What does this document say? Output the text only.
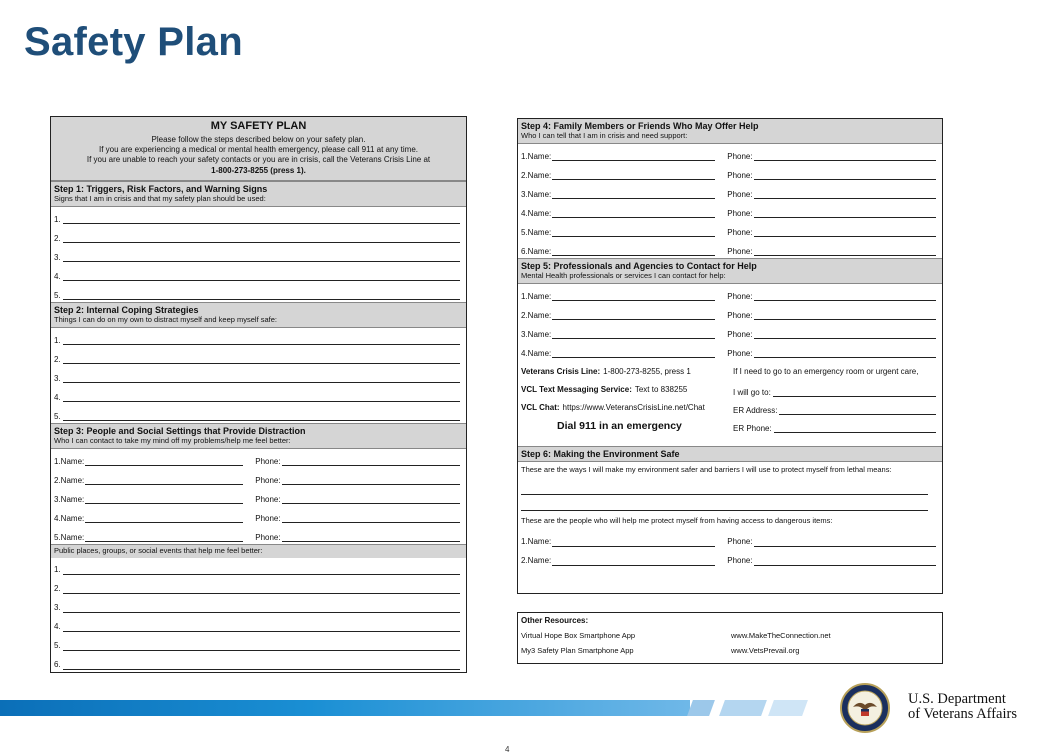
Safety Plan
MY SAFETY PLAN
Please follow the steps described below on your safety plan.
If you are experiencing a medical or mental health emergency, please call 911 at any time.
If you are unable to reach your safety contacts or you are in crisis, call the Veterans Crisis Line at
1-800-273-8255 (press 1).
Step 1: Triggers, Risk Factors, and Warning Signs
Signs that I am in crisis and that my safety plan should be used:
1.
2.
3.
4.
5.
Step 2: Internal Coping Strategies
Things I can do on my own to distract myself and keep myself safe:
1.
2.
3.
4.
5.
Step 3: People and Social Settings that Provide Distraction
Who I can contact to take my mind off my problems/help me feel better:
1. Name:	Phone:
2. Name:	Phone:
3. Name:	Phone:
4. Name:	Phone:
5. Name:	Phone:
Public places, groups, or social events that help me feel better:
1.
2.
3.
4.
5.
6.
Step 4: Family Members or Friends Who May Offer Help
Who I can tell that I am in crisis and need support:
1. Name:	Phone:
2. Name:	Phone:
3. Name:	Phone:
4. Name:	Phone:
5. Name:	Phone:
6. Name:	Phone:
Step 5: Professionals and Agencies to Contact for Help
Mental Health professionals or services I can contact for help:
1. Name:	Phone:
2. Name:	Phone:
3. Name:	Phone:
4. Name:	Phone:
Veterans Crisis Line: 1-800-273-8255, press 1
VCL Text Messaging Service: Text to 838255
VCL Chat: https://www.VeteransCrisisLine.net/Chat
Dial 911 in an emergency
If I need to go to an emergency room or urgent care,
I will go to:
ER Address:
ER Phone:
Step 6: Making the Environment Safe
These are the ways I will make my environment safer and barriers I will use to protect myself from lethal means:
These are the people who will help me protect myself from having access to dangerous items:
1. Name:	Phone:
2. Name:	Phone:
Other Resources:
Virtual Hope Box Smartphone App	www.MakeTheConnection.net
My3 Safety Plan Smartphone App	www.VetsPrevail.org
U.S. Department
of Veterans Affairs
4
